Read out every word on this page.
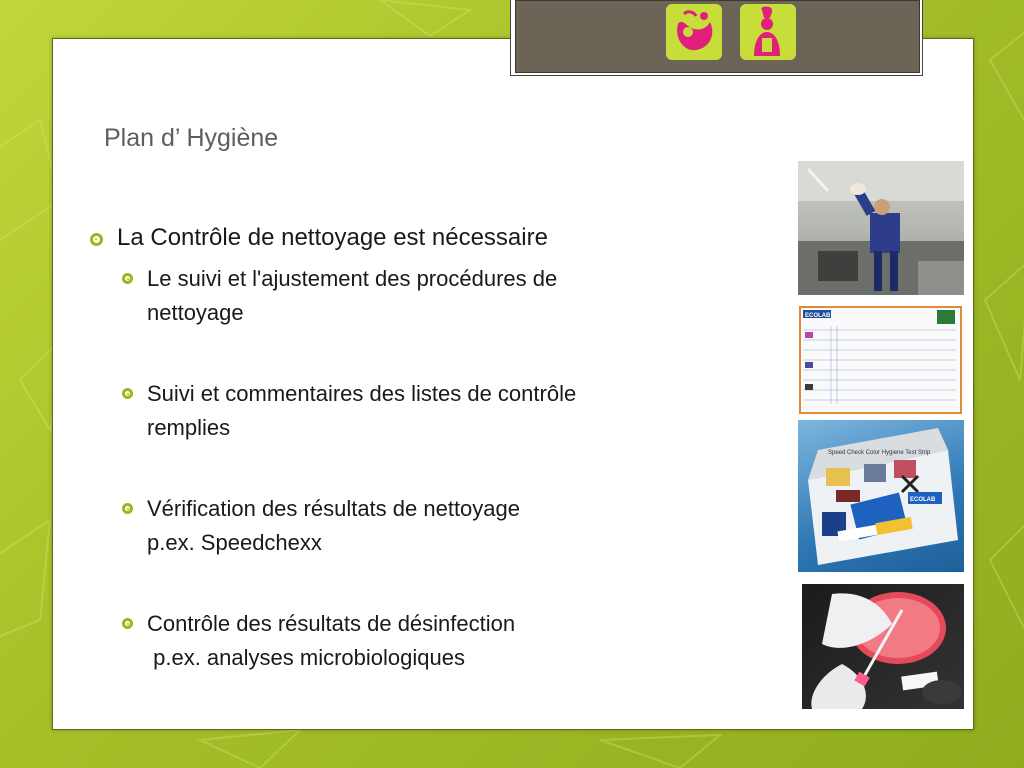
Plan d’ Hygiène
La Contrôle de nettoyage est nécessaire
Le suivi et l'ajustement des procédures de
nettoyage
Suivi et commentaires des listes de contrôle
remplies
Vérification des résultats de nettoyage
p.ex. Speedchexx
Contrôle des résultats de désinfection
p.ex. analyses microbiologiques
ECOLAB
Speed Check Color Hygiene Test Strip
ECOLAB
